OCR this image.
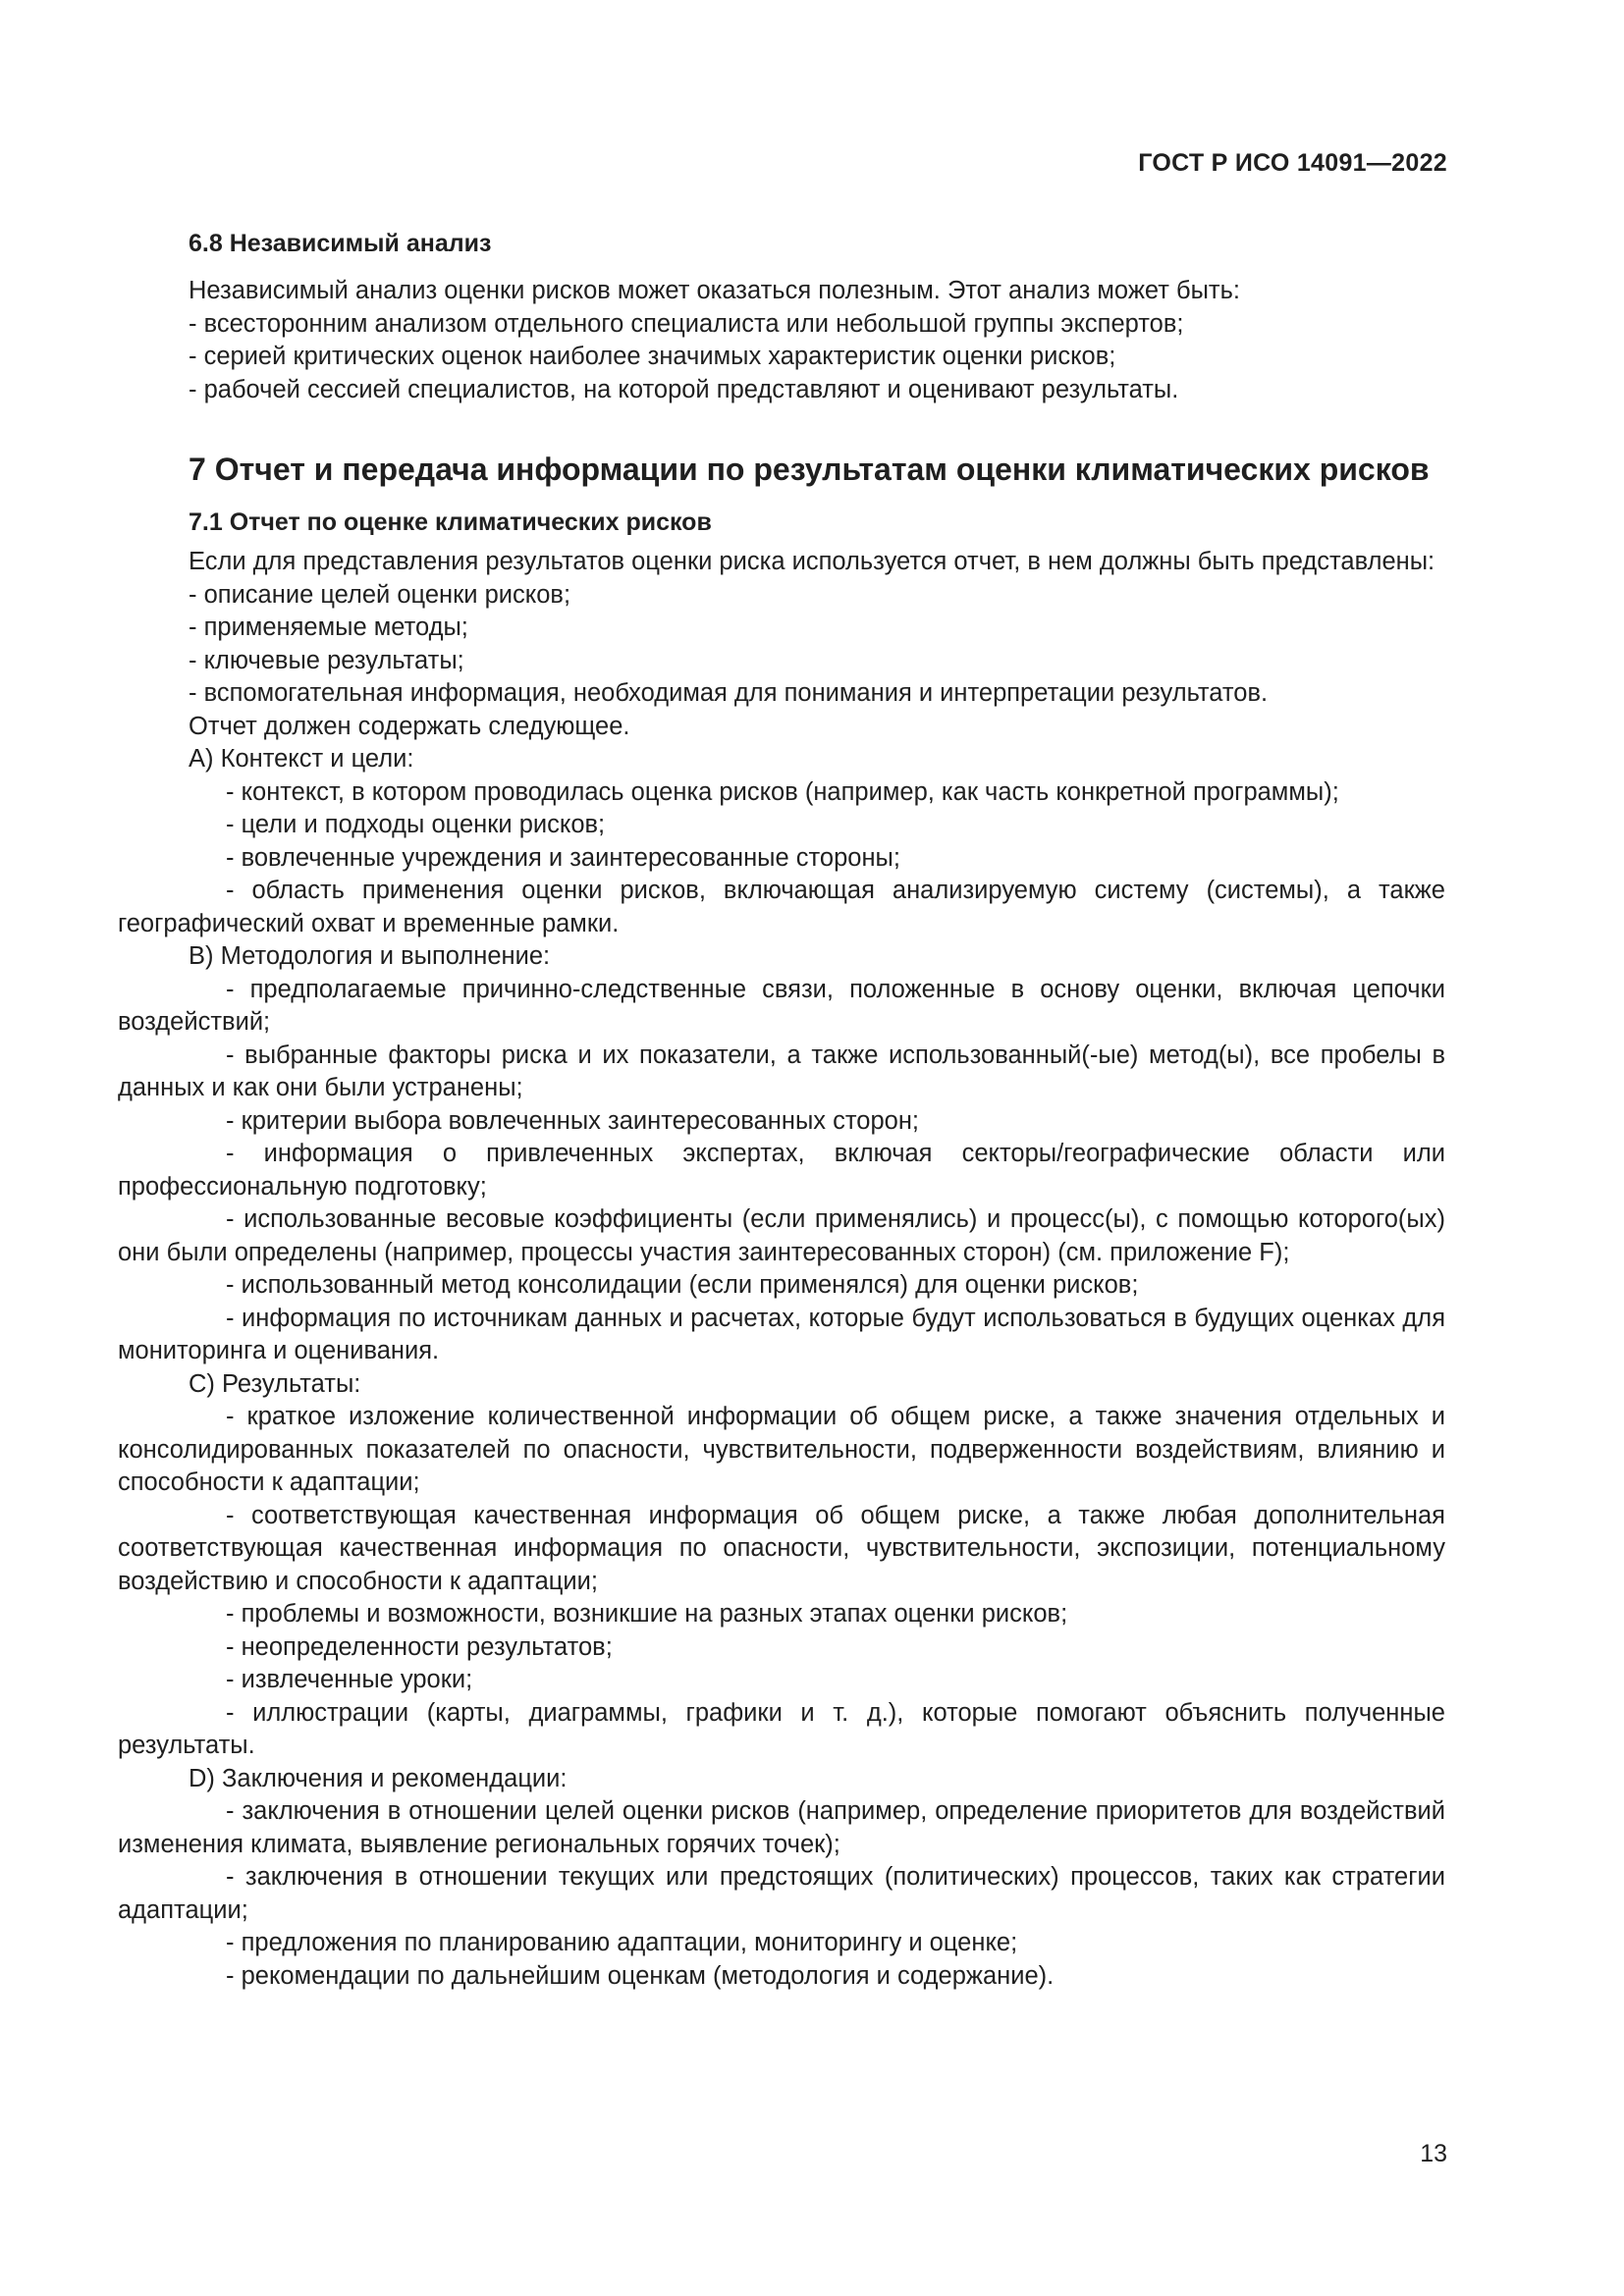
ГОСТ Р ИСО 14091—2022
6.8 Независимый анализ

Независимый анализ оценки рисков может оказаться полезным. Этот анализ может быть:

- всесторонним анализом отдельного специалиста или небольшой группы экспертов;

- серией критических оценок наиболее значимых характеристик оценки рисков;

- рабочей сессией специалистов, на которой представляют и оценивают результаты.

7 Отчет и передача информации по результатам оценки климатических рисков
7.1 Отчет по оценке климатических рисков

Если для представления результатов оценки риска используется отчет, в нем должны быть представлены:

- описание целей оценки рисков;

- применяемые методы;

- ключевые результаты;

- вспомогательная информация, необходимая для понимания и интерпретации результатов.

Отчет должен содержать следующее.

A) Контекст и цели:

- контекст, в котором проводилась оценка рисков (например, как часть конкретной программы);

- цели и подходы оценки рисков;

- вовлеченные учреждения и заинтересованные стороны;

- область применения оценки рисков, включающая анализируемую систему (системы), а также географический охват и временные рамки.

B) Методология и выполнение:

- предполагаемые причинно-следственные связи, положенные в основу оценки, включая цепочки воздействий;

- выбранные факторы риска и их показатели, а также использованный(-ые) метод(ы), все пробелы в данных и как они были устранены;

- критерии выбора вовлеченных заинтересованных сторон;

- информация о привлеченных экспертах, включая секторы/географические области или профессиональную подготовку;

- использованные весовые коэффициенты (если применялись) и процесс(ы), с помощью которого(ых) они были определены (например, процессы участия заинтересованных сторон) (см. приложение F);

- использованный метод консолидации (если применялся) для оценки рисков;

- информация по источникам данных и расчетах, которые будут использоваться в будущих оценках для мониторинга и оценивания.

C) Результаты:

- краткое изложение количественной информации об общем риске, а также значения отдельных и консолидированных показателей по опасности, чувствительности, подверженности воздействиям, влиянию и способности к адаптации;

- соответствующая качественная информация об общем риске, а также любая дополнительная соответствующая качественная информация по опасности, чувствительности, экспозиции, потенциальному воздействию и способности к адаптации;

- проблемы и возможности, возникшие на разных этапах оценки рисков;

- неопределенности результатов;

- извлеченные уроки;

- иллюстрации (карты, диаграммы, графики и т. д.), которые помогают объяснить полученные результаты.

D) Заключения и рекомендации:

- заключения в отношении целей оценки рисков (например, определение приоритетов для воздействий изменения климата, выявление региональных горячих точек);

- заключения в отношении текущих или предстоящих (политических) процессов, таких как стратегии адаптации;

- предложения по планированию адаптации, мониторингу и оценке;

- рекомендации по дальнейшим оценкам (методология и содержание).

13
